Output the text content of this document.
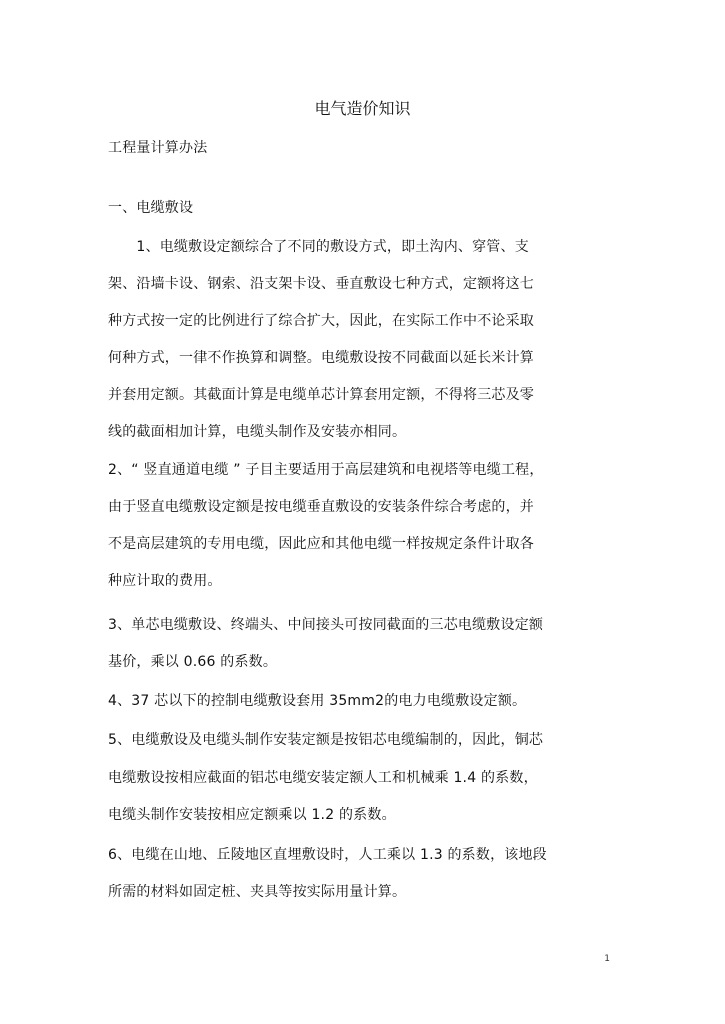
电气造价知识
工程量计算办法
一、电缆敷设
　　1、电缆敷设定额综合了不同的敷设方式，即土沟内、穿管、支
架、沿墙卡设、钢索、沿支架卡设、垂直敷设七种方式，定额将这七
种方式按一定的比例进行了综合扩大，因此，在实际工作中不论采取
何种方式，一律不作换算和调整。电缆敷设按不同截面以延长米计算
并套用定额。其截面计算是电缆单芯计算套用定额，不得将三芯及零
线的截面相加计算，电缆头制作及安装亦相同。
2、“ 竖直通道电缆 ” 子目主要适用于高层建筑和电视塔等电缆工程，
由于竖直电缆敷设定额是按电缆垂直敷设的安装条件综合考虑的，并
不是高层建筑的专用电缆，因此应和其他电缆一样按规定条件计取各
种应计取的费用。
3、单芯电缆敷设、终端头、中间接头可按同截面的三芯电缆敷设定额
基价，乘以 0.66 的系数。
4、37 芯以下的控制电缆敷设套用 35mm2的电力电缆敷设定额。
5、电缆敷设及电缆头制作安装定额是按铝芯电缆编制的，因此，铜芯
电缆敷设按相应截面的铝芯电缆安装定额人工和机械乘 1.4 的系数，
电缆头制作安装按相应定额乘以 1.2 的系数。
6、电缆在山地、丘陵地区直埋敷设时，人工乘以 1.3 的系数，该地段
所需的材料如固定桩、夹具等按实际用量计算。
1
